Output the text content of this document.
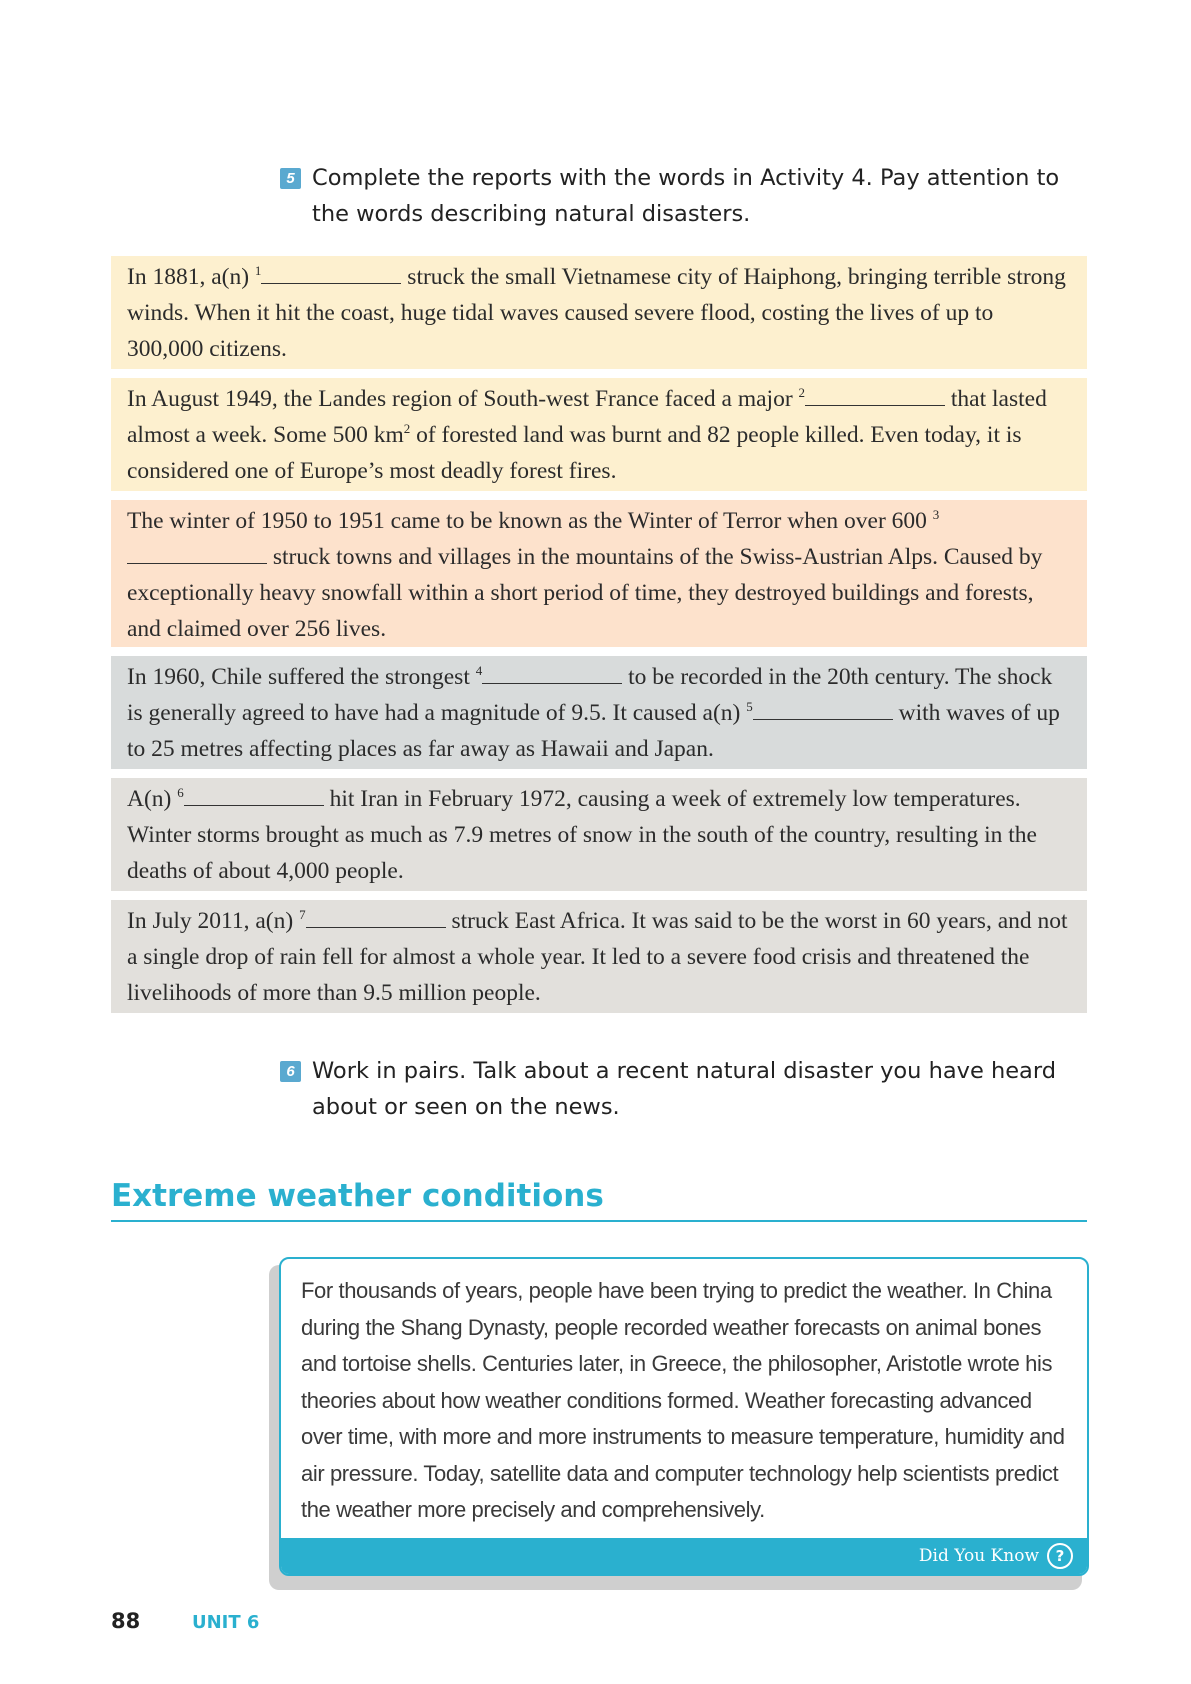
5 Complete the reports with the words in Activity 4. Pay attention to
the words describing natural disasters.
In 1881, a(n) $^1$	struck the small Vietnamese city of Haiphong, bringing terrible strong winds. When it hit the coast, huge tidal waves caused severe flood, costing the lives of up to 300,000 citizens.
In August 1949, the Landes region of South-west France faced a major $^2$	that lasted almost a week. Some 500 $km^2$ of forested land was burnt and 82 people killed. Even today, it is considered one of Europe’s most deadly forest fires.
The winter of 1950 to 1951 came to be known as the Winter of Terror when over 600 $^3$ struck towns and villages in the mountains of the Swiss-Austrian Alps. Caused by exceptionally heavy snowfall within a short period of time, they destroyed buildings and forests, and claimed over 256 lives.
In 1960, Chile suffered the strongest $^4$	to be recorded in the 20th century. The shock is generally agreed to have had a magnitude of 9.5. It caused a(n) $^5$	with waves of up to 25 metres affecting places as far away as Hawaii and Japan.
A(n) $^6$	hit Iran in February 1972, causing a week of extremely low temperatures. Winter storms brought as much as 7.9 metres of snow in the south of the country, resulting in the deaths of about 4,000 people.
In July 2011, a(n) $^7$	struck East Africa. It was said to be the worst in 60 years, and not a single drop of rain fell for almost a whole year. It led to a severe food crisis and threatened the livelihoods of more than 9.5 million people.
6 Work in pairs. Talk about a recent natural disaster you have heard
about or seen on the news.
Extreme weather conditions
For thousands of years, people have been trying to predict the weather. In China during the Shang Dynasty, people recorded weather forecasts on animal bones and tortoise shells. Centuries later, in Greece, the philosopher, Aristotle wrote his theories about how weather conditions formed. Weather forecasting advanced over time, with more and more instruments to measure temperature, humidity and air pressure. Today, satellite data and computer technology help scientists predict the weather more precisely and comprehensively.
Did You Know	?
88	UNIT 6
